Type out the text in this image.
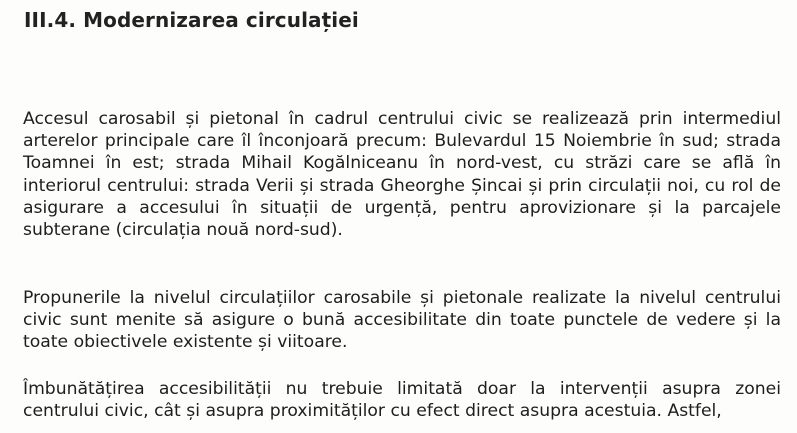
III.4. Modernizarea circulației

Accesul carosabil și pietonal în cadrul centrului civic se realizează prin intermediul arterelor principale care îl înconjoară precum: Bulevardul 15 Noiembrie în sud; strada Toamnei în est; strada Mihail Kogălniceanu în nord-vest, cu străzi care se află în interiorul centrului: strada Verii și strada Gheorghe Șincai și prin circulații noi, cu rol de asigurare a accesului în situații de urgență, pentru aprovizionare și la parcajele subterane (circulația nouă nord-sud).

Propunerile la nivelul circulațiilor carosabile și pietonale realizate la nivelul centrului civic sunt menite să asigure o bună accesibilitate din toate punctele de vedere și la toate obiectivele existente și viitoare.

Îmbunătățirea accesibilității nu trebuie limitată doar la intervenții asupra zonei centrului civic, cât și asupra proximităților cu efect direct asupra acestuia. Astfel,
